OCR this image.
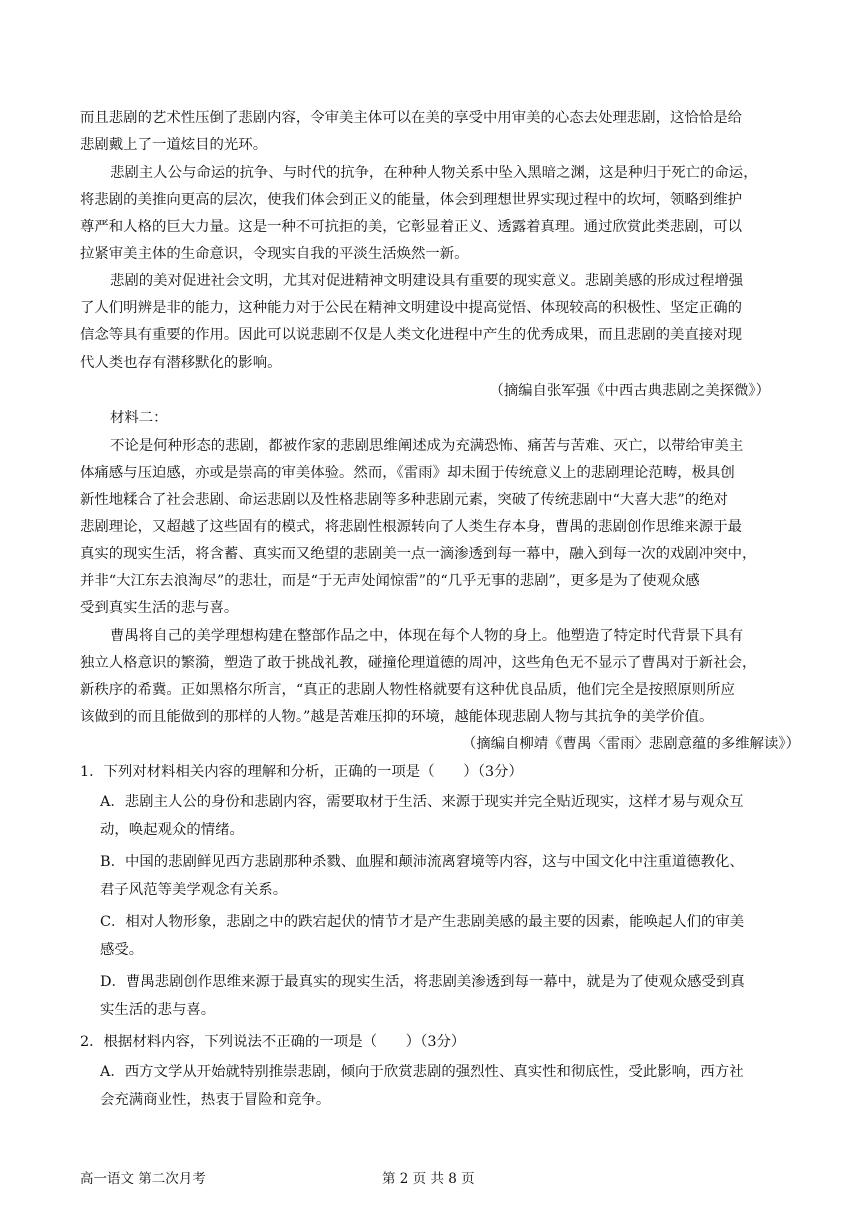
而且悲剧的艺术性压倒了悲剧内容，令审美主体可以在美的享受中用审美的心态去处理悲剧，这恰恰是给
悲剧戴上了一道炫目的光环。
悲剧主人公与命运的抗争、与时代的抗争，在种种人物关系中坠入黑暗之渊，这是种归于死亡的命运，
将悲剧的美推向更高的层次，使我们体会到正义的能量，体会到理想世界实现过程中的坎坷，领略到维护
尊严和人格的巨大力量。这是一种不可抗拒的美，它彰显着正义、透露着真理。通过欣赏此类悲剧，可以
拉紧审美主体的生命意识，令现实自我的平淡生活焕然一新。
悲剧的美对促进社会文明，尤其对促进精神文明建设具有重要的现实意义。悲剧美感的形成过程增强
了人们明辨是非的能力，这种能力对于公民在精神文明建设中提高觉悟、体现较高的积极性、坚定正确的
信念等具有重要的作用。因此可以说悲剧不仅是人类文化进程中产生的优秀成果，而且悲剧的美直接对现
代人类也存有潜移默化的影响。
（摘编自张军强《中西古典悲剧之美探微》）
材料二：
不论是何种形态的悲剧，都被作家的悲剧思维阐述成为充满恐怖、痛苦与苦难、灭亡，以带给审美主
体痛感与压迫感，亦或是崇高的审美体验。然而，《雷雨》却未囿于传统意义上的悲剧理论范畴，极具创
新性地糅合了社会悲剧、命运悲剧以及性格悲剧等多种悲剧元素，突破了传统悲剧中“大喜大悲”的绝对
悲剧理论，又超越了这些固有的模式，将悲剧性根源转向了人类生存本身，曹禺的悲剧创作思维来源于最
真实的现实生活，将含蓄、真实而又绝望的悲剧美一点一滴渗透到每一幕中，融入到每一次的戏剧冲突中，
并非“大江东去浪淘尽”的悲壮，而是“于无声处闻惊雷”的“几乎无事的悲剧”，更多是为了使观众感
受到真实生活的悲与喜。
曹禺将自己的美学理想构建在整部作品之中，体现在每个人物的身上。他塑造了特定时代背景下具有
独立人格意识的繁漪，塑造了敢于挑战礼教，碰撞伦理道德的周冲，这些角色无不显示了曹禺对于新社会，
新秩序的希冀。正如黑格尔所言，“真正的悲剧人物性格就要有这种优良品质，他们完全是按照原则所应
该做到的而且能做到的那样的人物。”越是苦难压抑的环境，越能体现悲剧人物与其抗争的美学价值。
（摘编自柳靖《曹禺〈雷雨〉悲剧意蕴的多维解读》）
1．下列对材料相关内容的理解和分析，正确的一项是（　　）（3分）
A．悲剧主人公的身份和悲剧内容，需要取材于生活、来源于现实并完全贴近现实，这样才易与观众互
动，唤起观众的情绪。
B．中国的悲剧鲜见西方悲剧那种杀戮、血腥和颠沛流离窘境等内容，这与中国文化中注重道德教化、
君子风范等美学观念有关系。
C．相对人物形象，悲剧之中的跌宕起伏的情节才是产生悲剧美感的最主要的因素，能唤起人们的审美
感受。
D．曹禺悲剧创作思维来源于最真实的现实生活，将悲剧美渗透到每一幕中，就是为了使观众感受到真
实生活的悲与喜。
2．根据材料内容，下列说法不正确的一项是（　　）（3分）
A．西方文学从开始就特别推崇悲剧，倾向于欣赏悲剧的强烈性、真实性和彻底性，受此影响，西方社
会充满商业性，热衷于冒险和竞争。
高一语文 第二次月考	第 2 页 共 8 页
